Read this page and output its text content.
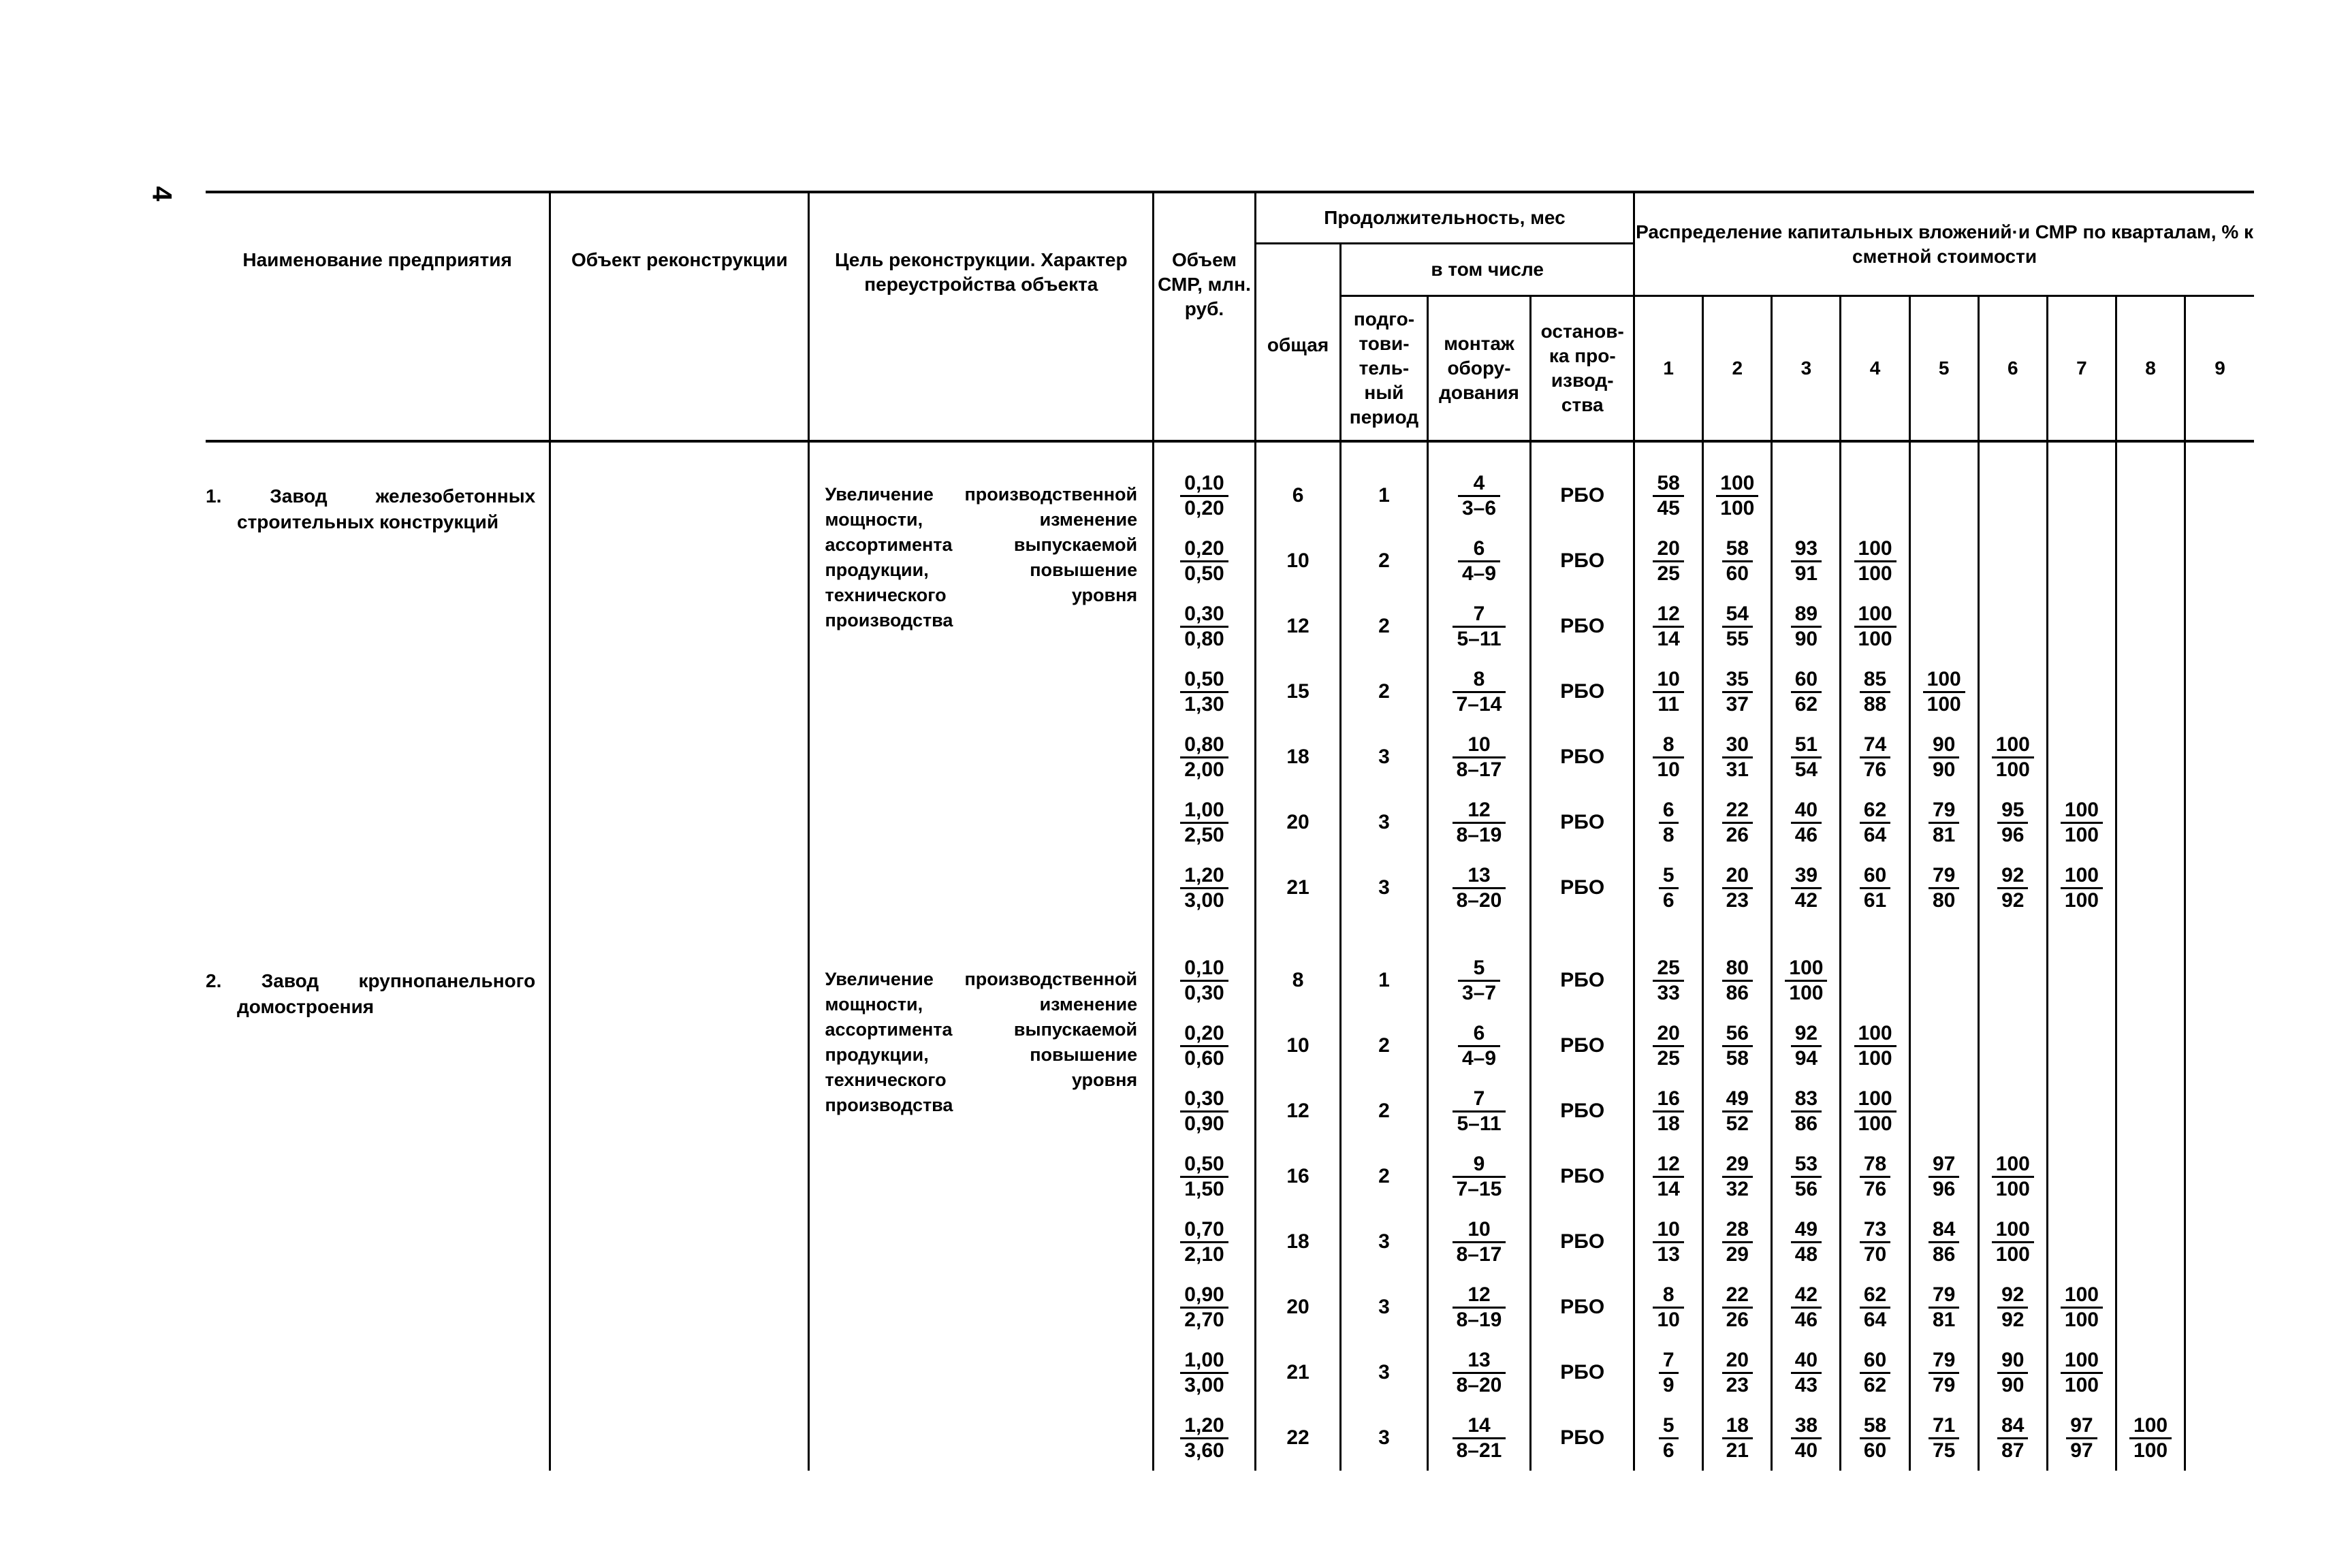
4
Наименование предприятия	Объект реконструкции	Цель реконструкции. Характер переустройства объекта	Объем СМР, млн. руб.	Продолжительность, мес				Распределение капитальных вложений·и СМР по кварталам, % к сметной стоимости								
				общая	в том числе											
					подго-тови-тель-ный период	монтаж обору-дования	останов-ка про-извод-ства	1	2	3	4	5	6	7	8	9

1. Завод железобетонных
строительных конструкций		Увеличение производственной мощности, изменение ассортимента выпускаемой продукции, повышение технического уровня производства	$\frac{0,10}{0,20}$	6	1	$\frac{4}{3-6}$	РБО	$\frac{58}{45}$	$\frac{100}{100}$

			$\frac{0,20}{0,50}$	10	2	$\frac{6}{4-9}$	РБО	$\frac{20}{25}$	$\frac{58}{60}$	$\frac{93}{91}$	$\frac{100}{100}$

			$\frac{0,30}{0,80}$	12	2	$\frac{7}{5-11}$	РБО	$\frac{12}{14}$	$\frac{54}{55}$	$\frac{89}{90}$	$\frac{100}{100}$

			$\frac{0,50}{1,30}$	15	2	$\frac{8}{7-14}$	РБО	$\frac{10}{11}$	$\frac{35}{37}$	$\frac{60}{62}$	$\frac{85}{88}$	$\frac{100}{100}$

			$\frac{0,80}{2,00}$	18	3	$\frac{10}{8-17}$	РБО	$\frac{8}{10}$	$\frac{30}{31}$	$\frac{51}{54}$	$\frac{74}{76}$	$\frac{90}{90}$	$\frac{100}{100}$

			$\frac{1,00}{2,50}$	20	3	$\frac{12}{8-19}$	РБО	$\frac{6}{8}$	$\frac{22}{26}$	$\frac{40}{46}$	$\frac{62}{64}$	$\frac{79}{81}$	$\frac{95}{96}$	$\frac{100}{100}$

			$\frac{1,20}{3,00}$	21	3	$\frac{13}{8-20}$	РБО	$\frac{5}{6}$	$\frac{20}{23}$	$\frac{39}{42}$	$\frac{60}{61}$	$\frac{79}{80}$	$\frac{92}{92}$	$\frac{100}{100}$

2. Завод крупнопанельного
домостроения		Увеличение производственной мощности, изменение ассортимента выпускаемой продукции, повышение технического уровня производства	$\frac{0,10}{0,30}$	8	1	$\frac{5}{3-7}$	РБО	$\frac{25}{33}$	$\frac{80}{86}$	$\frac{100}{100}$

			$\frac{0,20}{0,60}$	10	2	$\frac{6}{4-9}$	РБО	$\frac{20}{25}$	$\frac{56}{58}$	$\frac{92}{94}$	$\frac{100}{100}$

			$\frac{0,30}{0,90}$	12	2	$\frac{7}{5-11}$	РБО	$\frac{16}{18}$	$\frac{49}{52}$	$\frac{83}{86}$	$\frac{100}{100}$

			$\frac{0,50}{1,50}$	16	2	$\frac{9}{7-15}$	РБО	$\frac{12}{14}$	$\frac{29}{32}$	$\frac{53}{56}$	$\frac{78}{76}$	$\frac{97}{96}$	$\frac{100}{100}$

			$\frac{0,70}{2,10}$	18	3	$\frac{10}{8-17}$	РБО	$\frac{10}{13}$	$\frac{28}{29}$	$\frac{49}{48}$	$\frac{73}{70}$	$\frac{84}{86}$	$\frac{100}{100}$

			$\frac{0,90}{2,70}$	20	3	$\frac{12}{8-19}$	РБО	$\frac{8}{10}$	$\frac{22}{26}$	$\frac{42}{46}$	$\frac{62}{64}$	$\frac{79}{81}$	$\frac{92}{92}$	$\frac{100}{100}$

			$\frac{1,00}{3,00}$	21	3	$\frac{13}{8-20}$	РБО	$\frac{7}{9}$	$\frac{20}{23}$	$\frac{40}{43}$	$\frac{60}{62}$	$\frac{79}{79}$	$\frac{90}{90}$	$\frac{100}{100}$

			$\frac{1,20}{3,60}$	22	3	$\frac{14}{8-21}$	РБО	$\frac{5}{6}$	$\frac{18}{21}$	$\frac{38}{40}$	$\frac{58}{60}$	$\frac{71}{75}$	$\frac{84}{87}$	$\frac{97}{97}$	$\frac{100}{100}$
